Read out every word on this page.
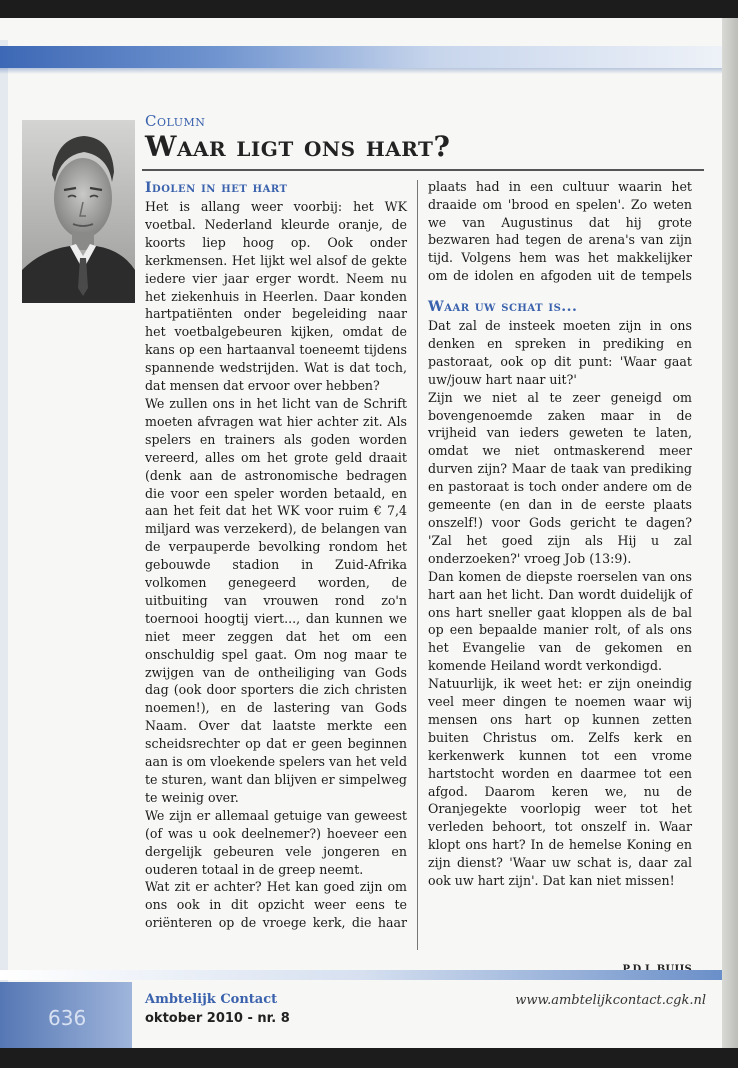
Column
Waar ligt ons hart?
Idolen in het hart

Het is allang weer voorbij: het WK voetbal. Nederland kleurde oranje, de koorts liep hoog op. Ook onder kerkmensen. Het lijkt wel alsof de gekte iedere vier jaar erger wordt. Neem nu het ziekenhuis in Heerlen. Daar konden hartpatiënten onder begeleiding naar het voetbalgebeuren kijken, omdat de kans op een hartaanval toeneemt tijdens spannende wedstrijden. Wat is dat toch, dat mensen dat ervoor over hebben?

We zullen ons in het licht van de Schrift moeten afvragen wat hier achter zit. Als spelers en trainers als goden worden vereerd, alles om het grote geld draait (denk aan de astronomische bedragen die voor een speler worden betaald, en aan het feit dat het WK voor ruim € 7,4 miljard was verzekerd), de belangen van de verpauperde bevolking rondom het gebouwde stadion in Zuid-Afrika volkomen genegeerd worden, de uitbuiting van vrouwen rond zo'n toernooi hoogtij viert..., dan kunnen we niet meer zeggen dat het om een onschuldig spel gaat. Om nog maar te zwijgen van de ontheiliging van Gods dag (ook door sporters die zich christen noemen!), en de lastering van Gods Naam. Over dat laatste merkte een scheidsrechter op dat er geen beginnen aan is om vloekende spelers van het veld te sturen, want dan blijven er simpelweg te weinig over.

We zijn er allemaal getuige van geweest (of was u ook deelnemer?) hoeveer een dergelijk gebeuren vele jongeren en ouderen totaal in de greep neemt.

Wat zit er achter? Het kan goed zijn om ons ook in dit opzicht weer eens te oriënteren op de vroege kerk, die haar

plaats had in een cultuur waarin het draaide om 'brood en spelen'. Zo weten we van Augustinus dat hij grote bezwaren had tegen de arena's van zijn tijd. Volgens hem was het makkelijker om de idolen en afgoden uit de tempels

Waar uw schat is...

Dat zal de insteek moeten zijn in ons denken en spreken in prediking en pastoraat, ook op dit punt: 'Waar gaat uw/jouw hart naar uit?'

Zijn we niet al te zeer geneigd om bovengenoemde zaken maar in de vrijheid van ieders geweten te laten, omdat we niet ontmaskerend meer durven zijn? Maar de taak van prediking en pastoraat is toch onder andere om de gemeente (en dan in de eerste plaats onszelf!) voor Gods gericht te dagen? 'Zal het goed zijn als Hij u zal onderzoeken?' vroeg Job (13:9).

Dan komen de diepste roerselen van ons hart aan het licht. Dan wordt duidelijk of ons hart sneller gaat kloppen als de bal op een bepaalde manier rolt, of als ons het Evangelie van de gekomen en komende Heiland wordt verkondigd.

Natuurlijk, ik weet het: er zijn oneindig veel meer dingen te noemen waar wij mensen ons hart op kunnen zetten buiten Christus om. Zelfs kerk en kerkenwerk kunnen tot een vrome hartstocht worden en daarmee tot een afgod. Daarom keren we, nu de Oranjegekte voorlopig weer tot het verleden behoort, tot onszelf in. Waar klopt ons hart? In de hemelse Koning en zijn dienst? 'Waar uw schat is, daar zal ook uw hart zijn'. Dat kan niet missen!

636
Ambtelijk Contact
oktober 2010 - nr. 8
www.ambtelijkcontact.cgk.nl
